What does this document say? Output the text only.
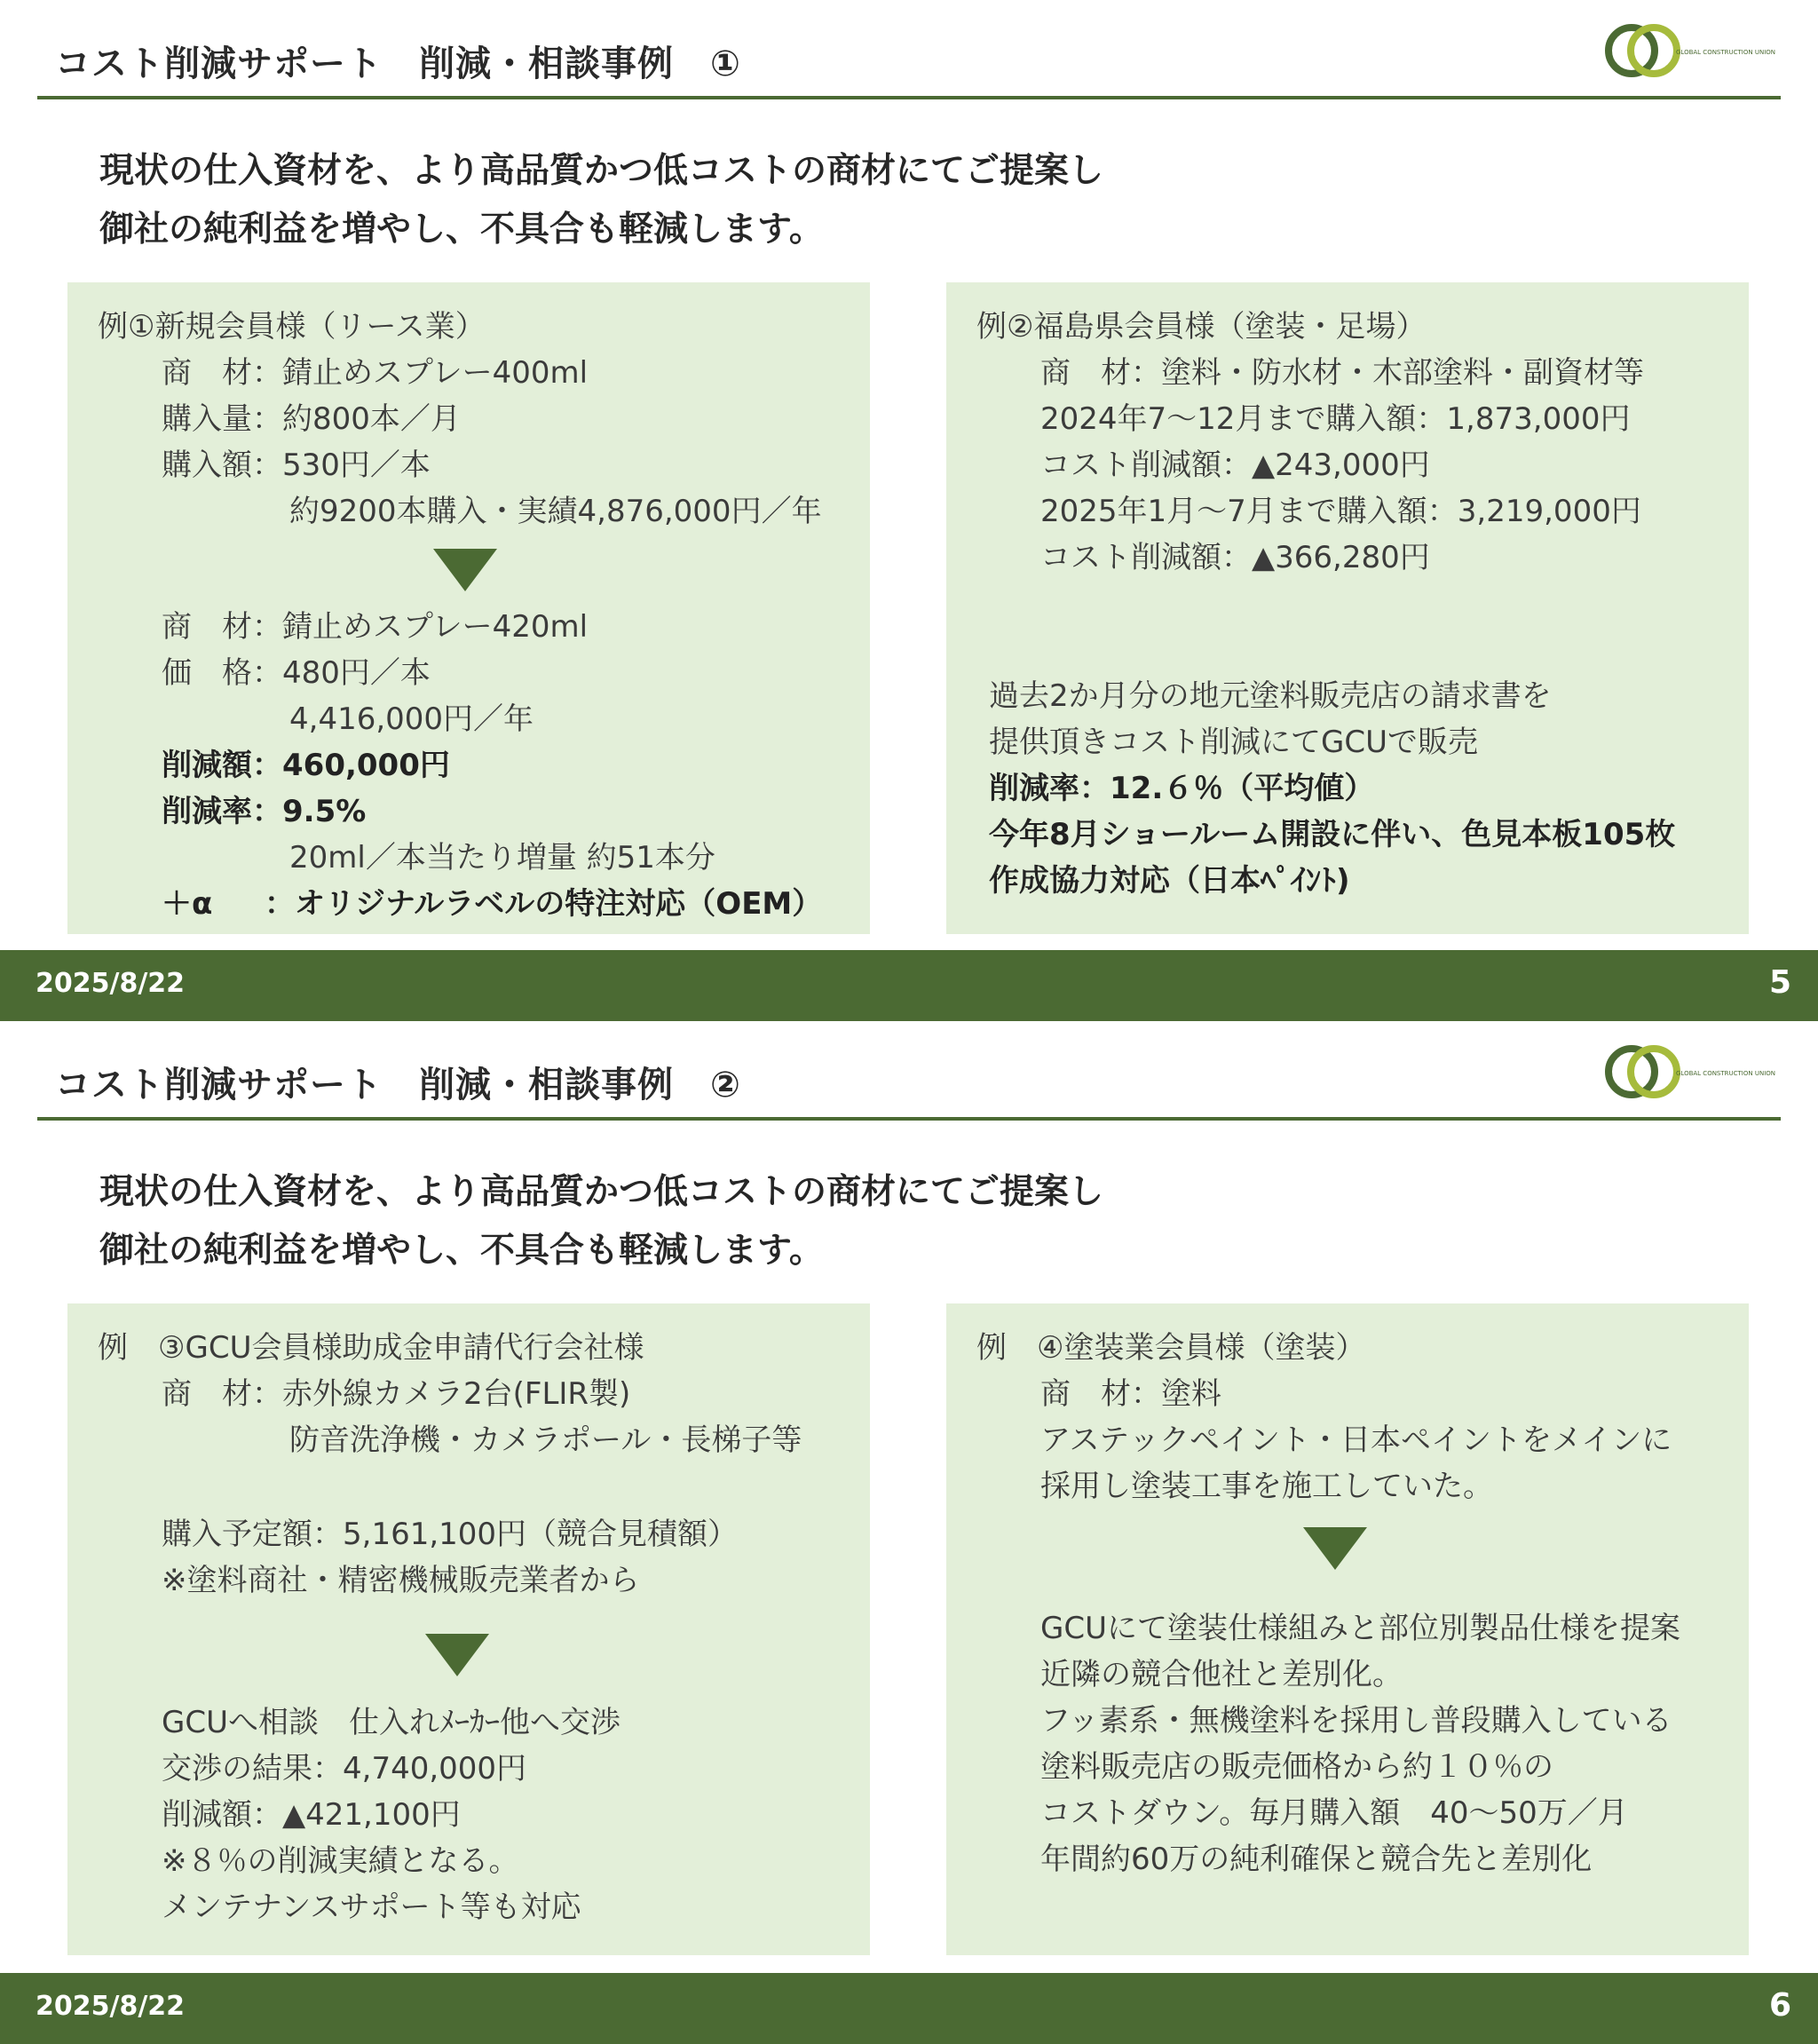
コスト削減サポート　削減・相談事例　①	GLOBAL CONSTRUCTION UNION

現状の仕入資材を、より高品質かつ低コストの商材にてご提案し
御社の純利益を増やし、不具合も軽減します。

例①新規会員様（リース業）
商　材：錆止めスプレー400ml
購入量：約800本／月
購入額：530円／本
約9200本購入・実績4,876,000円／年
商　材：錆止めスプレー420ml
価　格：480円／本
4,416,000円／年
削減額：460,000円
削減率：9.5%
20ml／本当たり増量 約51本分
＋α ：オリジナルラベルの特注対応（OEM）
例②福島県会員様（塗装・足場）
商　材：塗料・防水材・木部塗料・副資材等
2024年7～12月まで購入額：1,873,000円
コスト削減額：▲243,000円
2025年1月～7月まで購入額：3,219,000円
コスト削減額：▲366,280円
過去2か月分の地元塗料販売店の請求書を
提供頂きコスト削減にてGCUで販売
削減率：12.６％（平均値）
今年8月ショールーム開設に伴い、色見本板105枚
作成協力対応（日本ﾍﾟｲﾝﾄ)
2025/8/22	5
コスト削減サポート　削減・相談事例　②	GLOBAL CONSTRUCTION UNION

現状の仕入資材を、より高品質かつ低コストの商材にてご提案し
御社の純利益を増やし、不具合も軽減します。

例　③GCU会員様助成金申請代行会社様
商　材：赤外線カメラ2台(FLIR製)
防音洗浄機・カメラポール・長梯子等
購入予定額：5,161,100円（競合見積額）
※塗料商社・精密機械販売業者から
GCUへ相談　仕入れﾒｰｶｰ他へ交渉
交渉の結果：4,740,000円
削減額：▲421,100円
※８％の削減実績となる。
メンテナンスサポート等も対応
例　④塗装業会員様（塗装）
商　材：塗料
アステックペイント・日本ペイントをメインに
採用し塗装工事を施工していた。
GCUにて塗装仕様組みと部位別製品仕様を提案
近隣の競合他社と差別化。
フッ素系・無機塗料を採用し普段購入している
塗料販売店の販売価格から約１０％の
コストダウン。毎月購入額　40～50万／月
年間約60万の純利確保と競合先と差別化
2025/8/22	6
